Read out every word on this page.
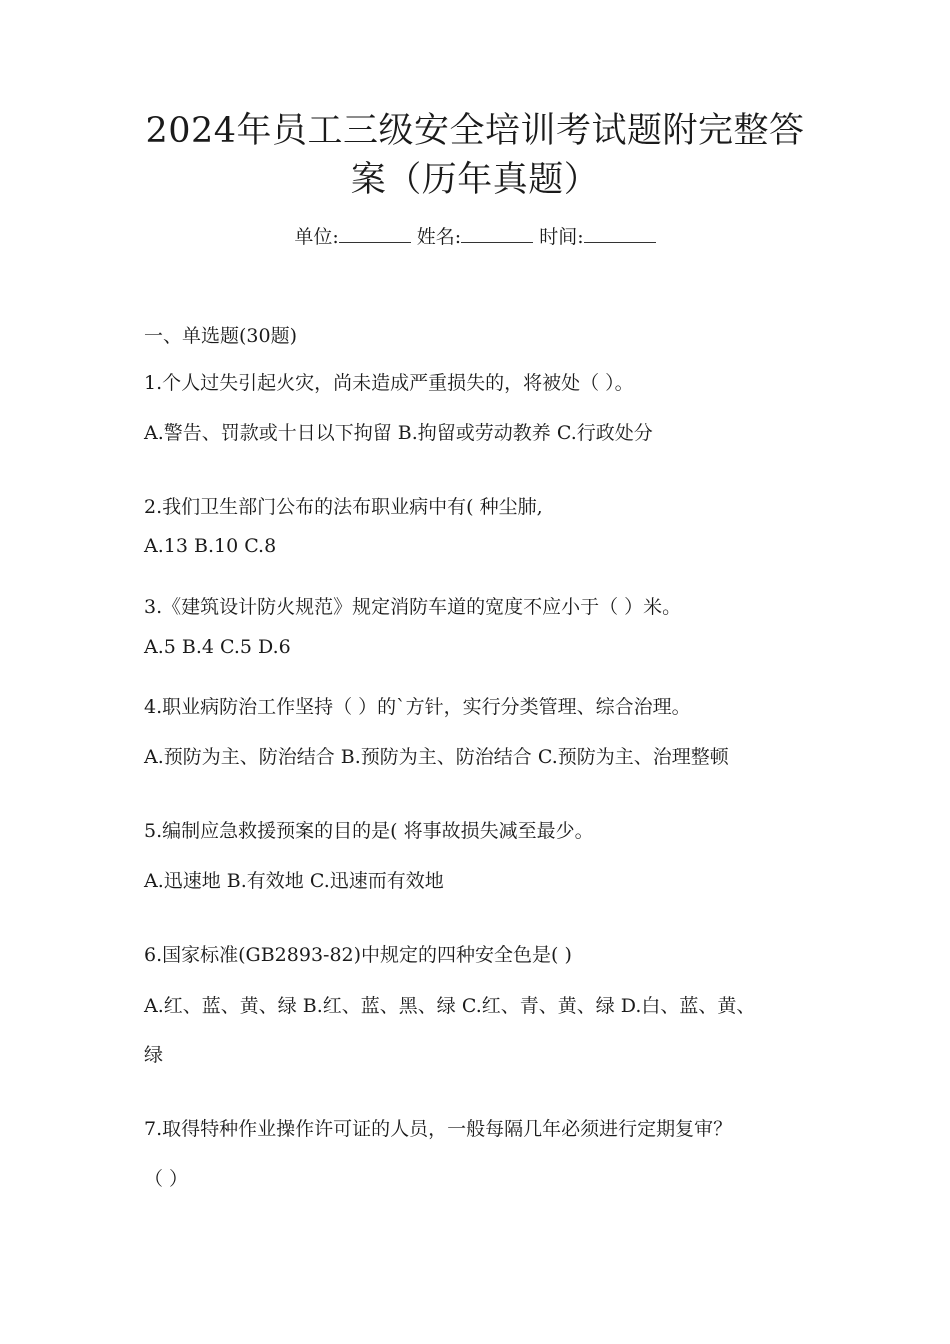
2024年员工三级安全培训考试题附完整答
案（历年真题）
单位:	姓名:	时间:
一、单选题(30题)
1.个人过失引起火灾，尚未造成严重损失的，将被处（ ）。
A.警告、罚款或十日以下拘留 B.拘留或劳动教养 C.行政处分
2.我们卫生部门公布的法布职业病中有( 种尘肺,
A.13 B.10 C.8
3.《建筑设计防火规范》规定消防车道的宽度不应小于（ ）米。
A.5 B.4 C.5 D.6
4.职业病防治工作坚持（ ）的`方针，实行分类管理、综合治理。
A.预防为主、防治结合 B.预防为主、防治结合 C.预防为主、治理整顿
5.编制应急救援预案的目的是( 将事故损失减至最少。
A.迅速地 B.有效地 C.迅速而有效地
6.国家标准(GB2893-82)中规定的四种安全色是( )
A.红、蓝、黄、绿 B.红、蓝、黑、绿 C.红、青、黄、绿 D.白、蓝、黄、
绿
7.取得特种作业操作许可证的人员，一般每隔几年必须进行定期复审？
（ ）
